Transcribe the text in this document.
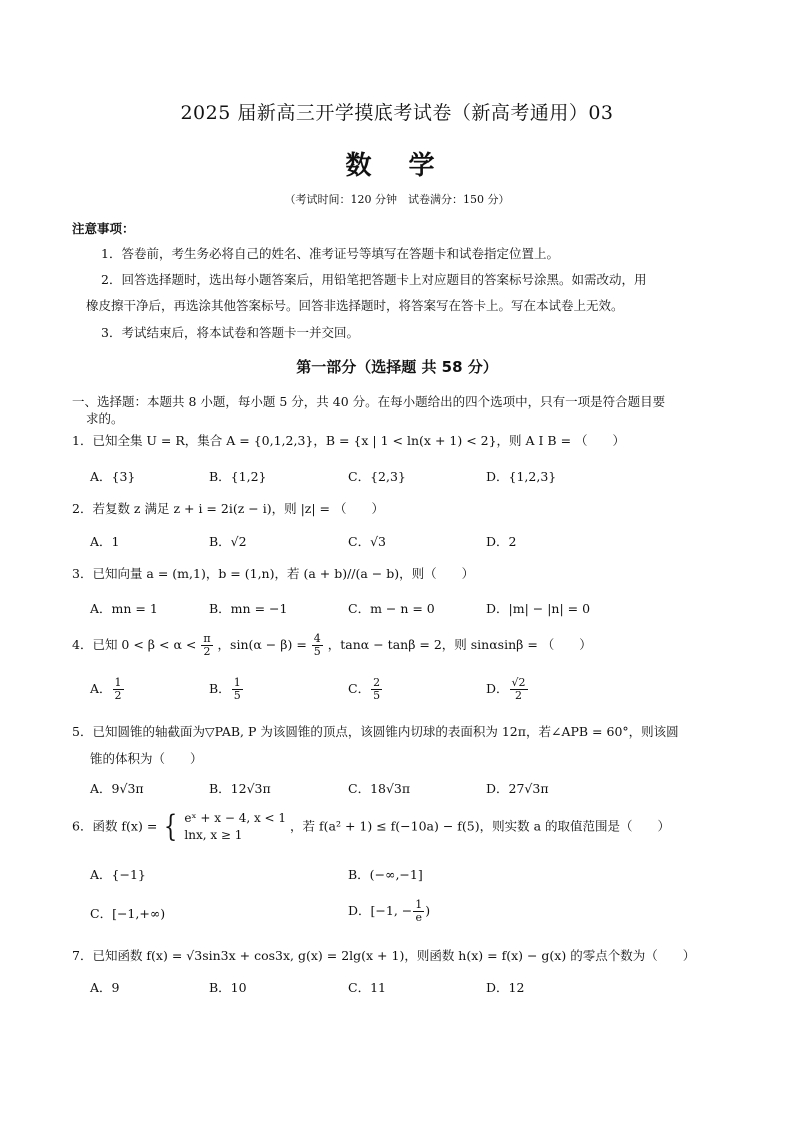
2025 届新高三开学摸底考试卷（新高考通用）03
数 学
（考试时间：120 分钟　试卷满分：150 分）
注意事项：
1．答卷前，考生务必将自己的姓名、准考证号等填写在答题卡和试卷指定位置上。
2．回答选择题时，选出每小题答案后，用铅笔把答题卡上对应题目的答案标号涂黑。如需改动，用
橡皮擦干净后，再选涂其他答案标号。回答非选择题时，将答案写在答卡上。写在本试卷上无效。
3．考试结束后，将本试卷和答题卡一并交回。
第一部分（选择题 共 58 分）
一、选择题：本题共 8 小题，每小题 5 分，共 40 分。在每小题给出的四个选项中，只有一项是符合题目要
求的。
1．已知全集 U = R，集合 A = {0,1,2,3}，B = {x | 1 < ln(x + 1) < 2}，则 A I B = （　　）
A．{3}	B．{1,2}	C．{2,3}	D．{1,2,3}
2．若复数 z 满足 z + i = 2i(z − i)，则 |z| = （　　）
A．1	B．√2	C．√3	D．2
3．已知向量 a = (m,1)，b = (1,n)，若 (a + b)//(a − b)，则（　　）
A．mn = 1	B．mn = −1	C．m − n = 0	D．|m| − |n| = 0
4．已知 $0 < \beta < \alpha < \frac{\pi}{2}$ ，$\sin(\alpha - \beta) = \frac{4}{5}$ ，tanα − tanβ = 2，则 sinαsinβ = （　　）
A． $\frac{1}{2}$	B． $\frac{1}{5}$	C． $\frac{2}{5}$	D． $\frac{√2}{2}$
5．已知圆锥的轴截面为▽PAB, P 为该圆锥的顶点，该圆锥内切球的表面积为 12π，若∠APB = 60°，则该圆
锥的体积为（　　）
A．9√3π	B．12√3π	C．18√3π	D．27√3π
6．函数 f(x) = { eˣ + x − 4, x < 1
lnx, x ≥ 1
，若 f(a² + 1) ≤ f(−10a) − f(5)，则实数 a 的取值范围是（　　）
A．{−1}	B．(−∞,−1]
C．[−1,+∞)	D．[−1, − $\frac{1}{e}$ )
7．已知函数 f(x) = √3sin3x + cos3x, g(x) = 2lg(x + 1)，则函数 h(x) = f(x) − g(x) 的零点个数为（　　）
A．9	B．10	C．11	D．12
